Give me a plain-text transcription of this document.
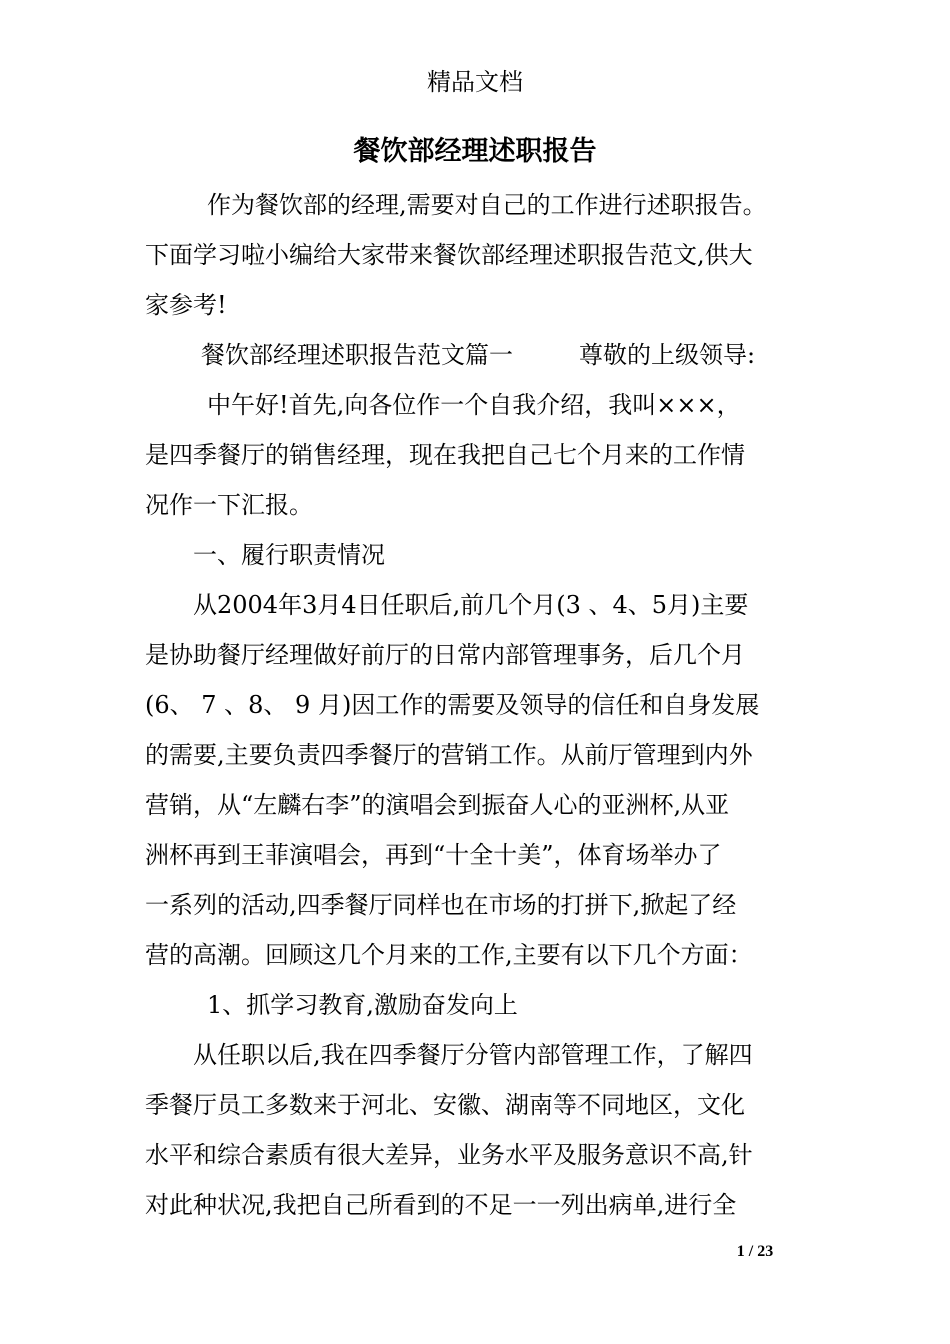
精品文档
餐饮部经理述职报告
作为餐饮部的经理,需要对自己的工作进行述职报告。
下面学习啦小编给大家带来餐饮部经理述职报告范文,供大
家参考!
餐饮部经理述职报告范文篇一	尊敬的上级领导:
中午好!首先,向各位作一个自我介绍，我叫×××，
是四季餐厅的销售经理，现在我把自己七个月来的工作情
况作一下汇报。
一、履行职责情况
从2004年3月4日任职后,前几个月(3 、4、5月)主要
是协助餐厅经理做好前厅的日常内部管理事务，后几个月
(6、 7 、8、 9 月)因工作的需要及领导的信任和自身发展
的需要,主要负责四季餐厅的营销工作。从前厅管理到内外
营销，从“左麟右李”的演唱会到振奋人心的亚洲杯,从亚
洲杯再到王菲演唱会，再到“十全十美”，体育场举办了
一系列的活动,四季餐厅同样也在市场的打拼下,掀起了经
营的高潮。回顾这几个月来的工作,主要有以下几个方面：
1、抓学习教育,激励奋发向上
从任职以后,我在四季餐厅分管内部管理工作，了解四
季餐厅员工多数来于河北、安徽、湖南等不同地区，文化
水平和综合素质有很大差异，业务水平及服务意识不高,针
对此种状况,我把自己所看到的不足一一列出病单,进行全
1 / 23
